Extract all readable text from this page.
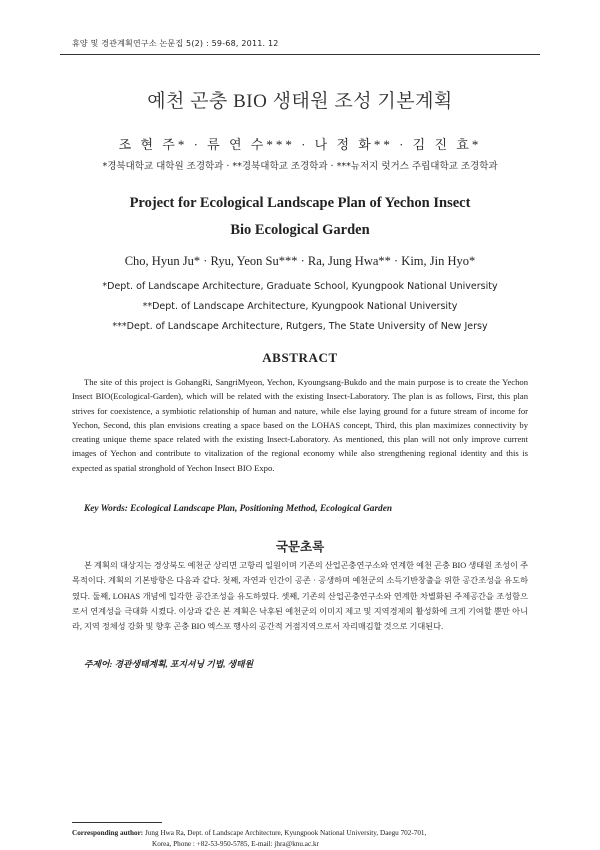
휴양 및 경관계획연구소 논문집 5(2) : 59-68, 2011. 12
예천 곤충 BIO 생태원 조성 기본계획
조 현 주* · 류 연 수*** · 나 정 화** · 김 진 효*
*경북대학교 대학원 조경학과 · **경북대학교 조경학과 · ***뉴저지 럿거스 주립대학교 조경학과
Project for Ecological Landscape Plan of Yechon Insect
Bio Ecological Garden
Cho, Hyun Ju* · Ryu, Yeon Su*** · Ra, Jung Hwa** · Kim, Jin Hyo*
*Dept. of Landscape Architecture, Graduate School, Kyungpook National University
**Dept. of Landscape Architecture, Kyungpook National University
***Dept. of Landscape Architecture, Rutgers, The State University of New Jersy
ABSTRACT

The site of this project is GohangRi, SangriMyeon, Yechon, Kyoungsang-Bukdo and the main purpose is to create the Yechon Insect BIO(Ecological-Garden), which will be related with the existing Insect-Laboratory. The plan is as follows, First, this plan strives for coexistence, a symbiotic relationship of human and nature, while else laying ground for a future stream of income for Yechon, Second, this plan envisions creating a space based on the LOHAS concept, Third, this plan maximizes connectivity by creating unique theme space related with the existing Insect-Laboratory. As mentioned, this plan will not only improve current images of Yechon and contribute to vitalization of the regional economy while also strengthening regional identity and this is expected as spatial stronghold of Yechon Insect BIO Expo.

Key Words: Ecological Landscape Plan, Positioning Method, Ecological Garden
국문초록

본 계획의 대상지는 경상북도 예천군 상리면 고항리 일원이며 기존의 산업곤충연구소와 연계한 예천 곤충 BIO 생태원 조성이 주 목적이다. 계획의 기본방향은 다음과 같다. 첫째, 자연과 인간이 공존 · 공생하며 예천군의 소득기반창출을 위한 공간조성을 유도하였다. 둘째, LOHAS 개념에 입각한 공간조성을 유도하였다. 셋째, 기존의 산업곤충연구소와 연계한 차별화된 주제공간을 조성함으로서 연계성을 극대화 시켰다. 이상과 같은 본 계획은 낙후된 예천군의 이미지 제고 및 지역경제의 활성화에 크게 기여할 뿐만 아니라, 지역 정체성 강화 및 향후 곤충 BIO 엑스포 행사의 공간적 거점지역으로서 자리매김할 것으로 기대된다.

주제어: 경관생태계획, 포지셔닝 기법, 생태원
Corresponding author: Jung Hwa Ra, Dept. of Landscape Architecture, Kyungpook National University, Daegu 702-701,
Korea, Phone : +82-53-950-5785, E-mail: jhra@knu.ac.kr
